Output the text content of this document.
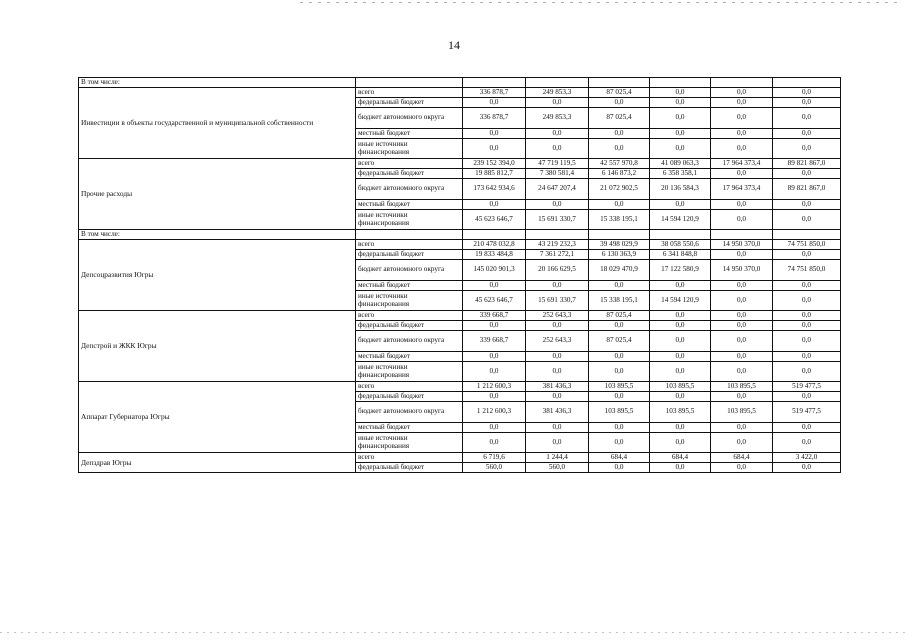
14
В том числе:							
Инвестиции в объекты государственной и муниципальной собственности	всего	336 878,7	249 853,3	87 025,4	0,0	0,0	0,0
	федеральный бюджет	0,0	0,0	0,0	0,0	0,0	0,0
	бюджет автономного округа	336 878,7	249 853,3	87 025,4	0,0	0,0	0,0
	местный бюджет	0,0	0,0	0,0	0,0	0,0	0,0
	иные источники финансирования	0,0	0,0	0,0	0,0	0,0	0,0
Прочие расходы	всего	239 152 394,0	47 719 119,5	42 557 970,8	41 089 063,3	17 964 373,4	89 821 867,0
	федеральный бюджет	19 885 812,7	7 380 581,4	6 146 873,2	6 358 358,1	0,0	0,0
	бюджет автономного округа	173 642 934,6	24 647 207,4	21 072 902,5	20 136 584,3	17 964 373,4	89 821 867,0
	местный бюджет	0,0	0,0	0,0	0,0	0,0	0,0
	иные источники финансирования	45 623 646,7	15 691 330,7	15 338 195,1	14 594 120,9	0,0	0,0
В том числе:							
Депсоцразвития Югры	всего	210 478 032,8	43 219 232,3	39 498 029,9	38 058 550,6	14 950 370,0	74 751 850,0
	федеральный бюджет	19 833 484,8	7 361 272,1	6 130 363,9	6 341 848,8	0,0	0,0
	бюджет автономного округа	145 020 901,3	20 166 629,5	18 029 470,9	17 122 580,9	14 950 370,0	74 751 850,0
	местный бюджет	0,0	0,0	0,0	0,0	0,0	0,0
	иные источники финансирования	45 623 646,7	15 691 330,7	15 338 195,1	14 594 120,9	0,0	0,0
Депстрой и ЖКК Югры	всего	339 668,7	252 643,3	87 025,4	0,0	0,0	0,0
	федеральный бюджет	0,0	0,0	0,0	0,0	0,0	0,0
	бюджет автономного округа	339 668,7	252 643,3	87 025,4	0,0	0,0	0,0
	местный бюджет	0,0	0,0	0,0	0,0	0,0	0,0
	иные источники финансирования	0,0	0,0	0,0	0,0	0,0	0,0
Аппарат Губернатора Югры	всего	1 212 600,3	381 436,3	103 895,5	103 895,5	103 895,5	519 477,5
	федеральный бюджет	0,0	0,0	0,0	0,0	0,0	0,0
	бюджет автономного округа	1 212 600,3	381 436,3	103 895,5	103 895,5	103 895,5	519 477,5
	местный бюджет	0,0	0,0	0,0	0,0	0,0	0,0
	иные источники финансирования	0,0	0,0	0,0	0,0	0,0	0,0
Депздрав Югры	всего	6 719,6	1 244,4	684,4	684,4	684,4	3 422,0
	федеральный бюджет	560,0	560,0	0,0	0,0	0,0	0,0
